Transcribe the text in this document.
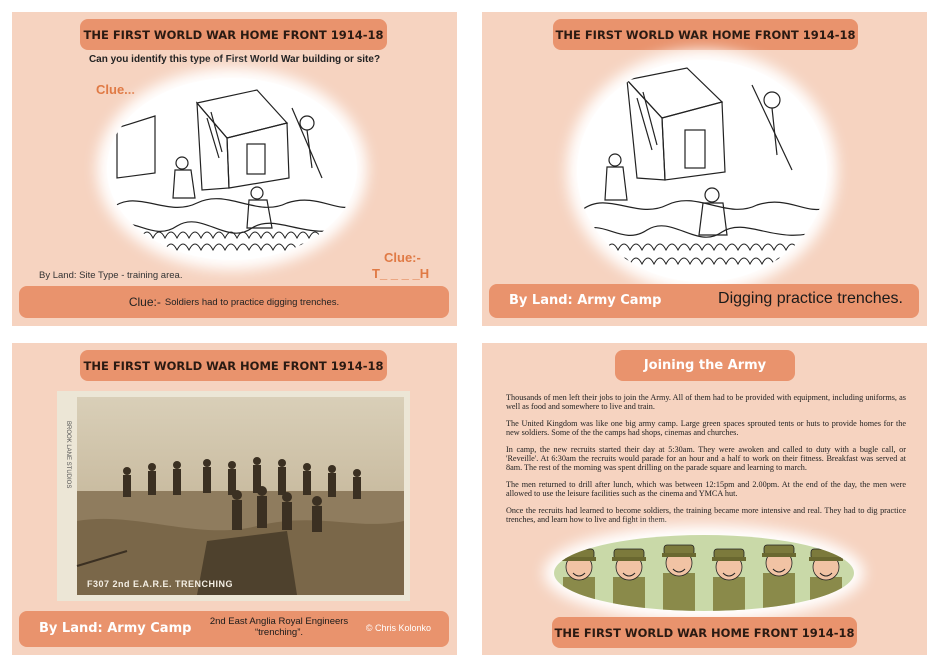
THE FIRST WORLD WAR HOME FRONT 1914-18
Can you identify this type of First World War building or site?
Clue...
Clue:-
T_ _ _ _H
By Land: Site Type - training area.
Clue:- Soldiers had to practice digging trenches.
THE FIRST WORLD WAR HOME FRONT 1914-18
By Land: Army Camp	Digging practice trenches.
THE FIRST WORLD WAR HOME FRONT 1914-18
BROOK LANE STUDIOS
F307 2nd E.A.R.E. TRENCHING
By Land: Army Camp 2nd East Anglia Royal Engineers
“trenching”.	© Chris Kolonko
Joining the Army

Thousands of men left their jobs to join the Army. All of them had to be provided with equipment, including uniforms, as well as food and somewhere to live and train.

The United Kingdom was like one big army camp. Large green spaces sprouted tents or huts to provide homes for the new soldiers. Some of the the camps had shops, cinemas and churches.

In camp, the new recruits started their day at 5:30am. They were awoken and called to duty with a bugle call, or 'Reveille'. At 6:30am the recruits would parade for an hour and a half to work on their fitness. Breakfast was served at 8am. The rest of the morning was spent drilling on the parade square and learning to march.

The men returned to drill after lunch, which was between 12:15pm and 2.00pm. At the end of the day, the men were allowed to use the leisure facilities such as the cinema and YMCA hut.

Once the recruits had learned to become soldiers, the training became more intensive and real. They had to dig practice trenches, and learn how to live and fight in them.

THE FIRST WORLD WAR HOME FRONT 1914-18
